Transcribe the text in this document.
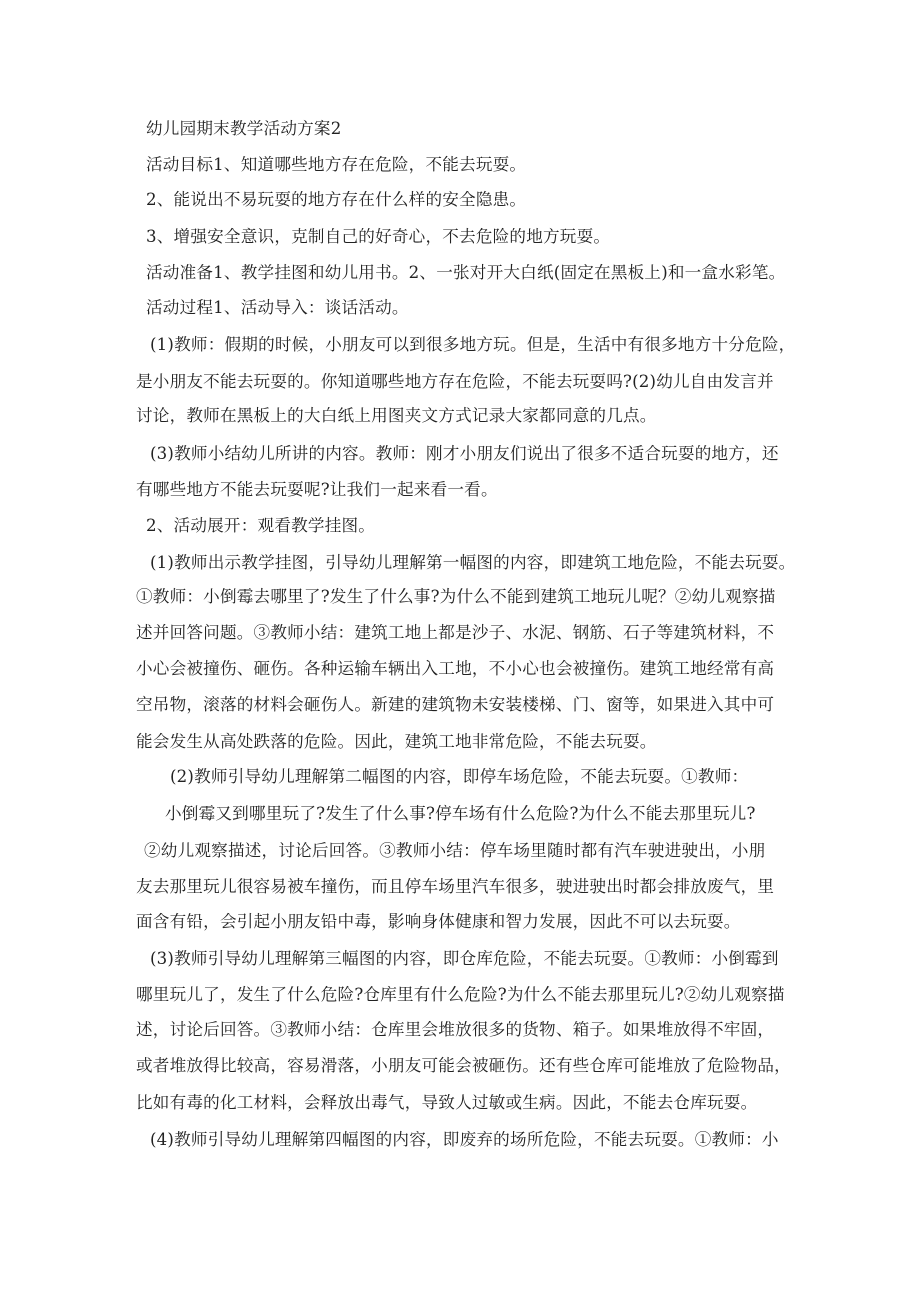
幼儿园期末教学活动方案2
活动目标1、知道哪些地方存在危险，不能去玩耍。
2、能说出不易玩耍的地方存在什么样的安全隐患。
3、增强安全意识，克制自己的好奇心，不去危险的地方玩耍。
活动准备1、教学挂图和幼儿用书。2、一张对开大白纸(固定在黑板上)和一盒水彩笔。
活动过程1、活动导入：谈话活动。
(1)教师：假期的时候，小朋友可以到很多地方玩。但是，生活中有很多地方十分危险，
是小朋友不能去玩耍的。你知道哪些地方存在危险，不能去玩耍吗?(2)幼儿自由发言并
讨论，教师在黑板上的大白纸上用图夹文方式记录大家都同意的几点。
(3)教师小结幼儿所讲的内容。教师：刚才小朋友们说出了很多不适合玩耍的地方，还
有哪些地方不能去玩耍呢?让我们一起来看一看。
2、活动展开：观看教学挂图。
(1)教师出示教学挂图，引导幼儿理解第一幅图的内容，即建筑工地危险，不能去玩耍。
①教师：小倒霉去哪里了?发生了什么事?为什么不能到建筑工地玩儿呢？②幼儿观察描
述并回答问题。③教师小结：建筑工地上都是沙子、水泥、钢筋、石子等建筑材料，不
小心会被撞伤、砸伤。各种运输车辆出入工地，不小心也会被撞伤。建筑工地经常有高
空吊物，滚落的材料会砸伤人。新建的建筑物未安装楼梯、门、窗等，如果进入其中可
能会发生从高处跌落的危险。因此，建筑工地非常危险，不能去玩耍。
(2)教师引导幼儿理解第二幅图的内容，即停车场危险，不能去玩耍。①教师：
小倒霉又到哪里玩了?发生了什么事?停车场有什么危险?为什么不能去那里玩儿?
②幼儿观察描述，讨论后回答。③教师小结：停车场里随时都有汽车驶进驶出，小朋
友去那里玩儿很容易被车撞伤，而且停车场里汽车很多，驶进驶出时都会排放废气，里
面含有铅，会引起小朋友铅中毒，影响身体健康和智力发展，因此不可以去玩耍。
(3)教师引导幼儿理解第三幅图的内容，即仓库危险，不能去玩耍。①教师：小倒霉到
哪里玩儿了，发生了什么危险?仓库里有什么危险?为什么不能去那里玩儿?②幼儿观察描
述，讨论后回答。③教师小结：仓库里会堆放很多的货物、箱子。如果堆放得不牢固，
或者堆放得比较高，容易滑落，小朋友可能会被砸伤。还有些仓库可能堆放了危险物品，
比如有毒的化工材料，会释放出毒气，导致人过敏或生病。因此，不能去仓库玩耍。
(4)教师引导幼儿理解第四幅图的内容，即废弃的场所危险，不能去玩耍。①教师：小
